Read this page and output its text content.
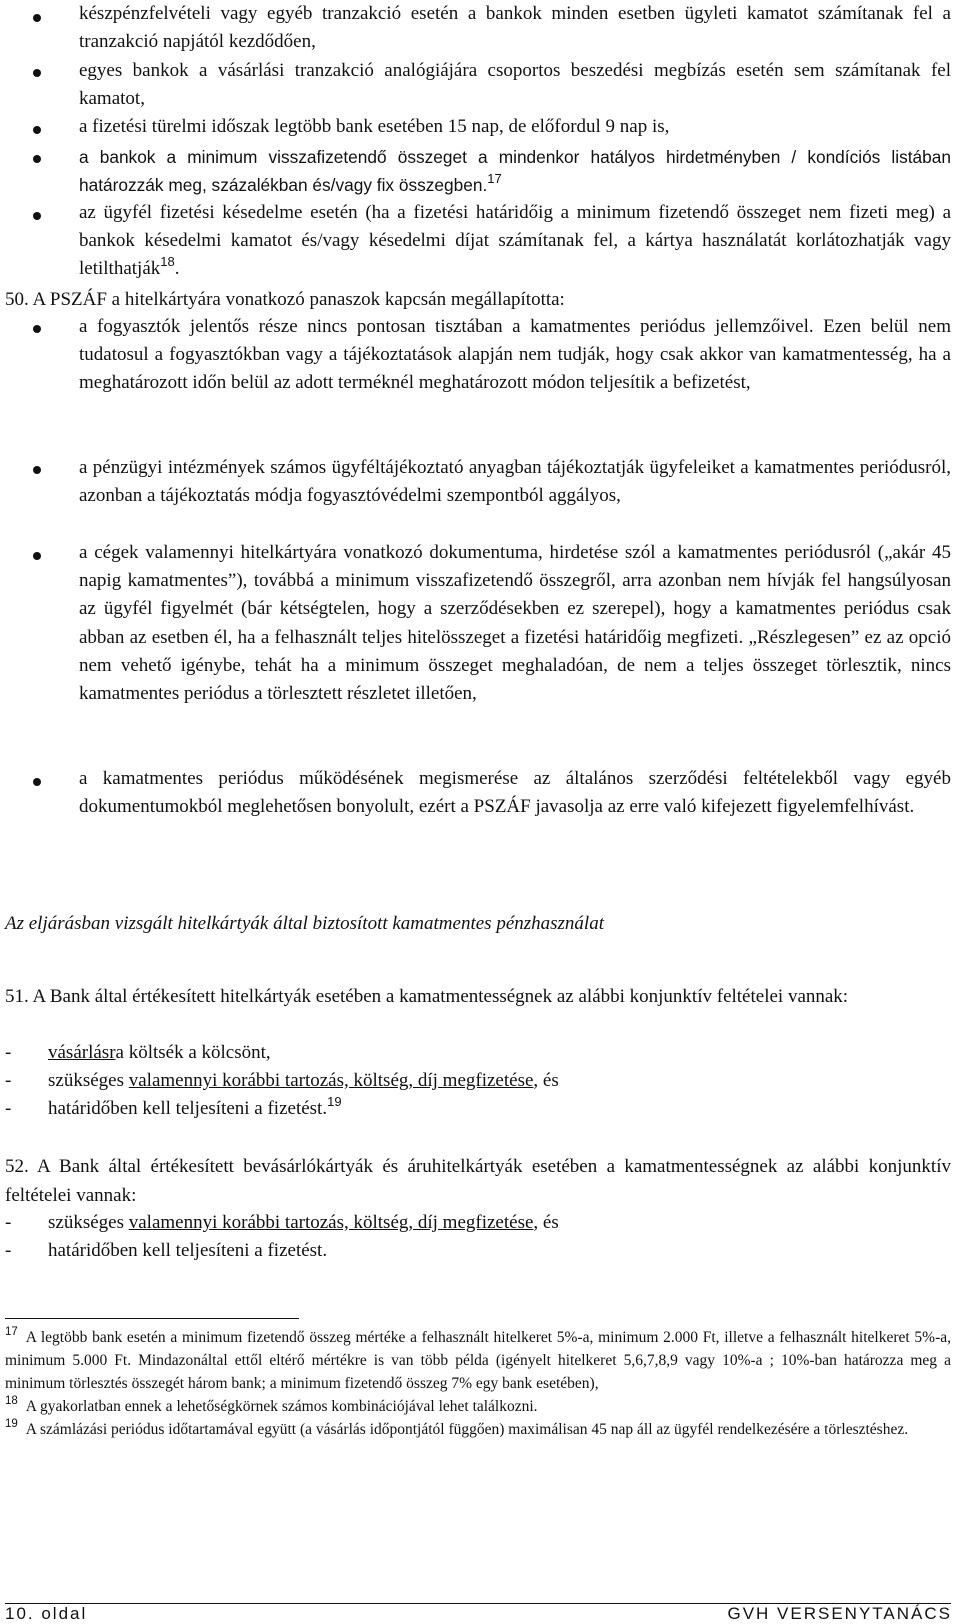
készpénzfelvételi vagy egyéb tranzakció esetén a bankok minden esetben ügyleti kamatot számítanak fel a tranzakció napjától kezdődően,
egyes bankok a vásárlási tranzakció analógiájára csoportos beszedési megbízás esetén sem számítanak fel kamatot,
a fizetési türelmi időszak legtöbb bank esetében 15 nap, de előfordul 9 nap is,
a bankok a minimum visszafizetendő összeget a mindenkor hatályos hirdetményben / kondíciós listában határozzák meg, százalékban és/vagy fix összegben.$^{17}$
az ügyfél fizetési késedelme esetén (ha a fizetési határidőig a minimum fizetendő összeget nem fizeti meg) a bankok késedelmi kamatot és/vagy késedelmi díjat számítanak fel, a kártya használatát korlátozhatják vagy letilthatják$^{18}$.
50. A PSZÁF a hitelkártyára vonatkozó panaszok kapcsán megállapította:
a fogyasztók jelentős része nincs pontosan tisztában a kamatmentes periódus jellemzőivel. Ezen belül nem tudatosul a fogyasztókban vagy a tájékoztatások alapján nem tudják, hogy csak akkor van kamatmentesség, ha a meghatározott időn belül az adott terméknél meghatározott módon teljesítik a befizetést,
a pénzügyi intézmények számos ügyféltájékoztató anyagban tájékoztatják ügyfeleiket a kamatmentes periódusról, azonban a tájékoztatás módja fogyasztóvédelmi szempontból aggályos,
a cégek valamennyi hitelkártyára vonatkozó dokumentuma, hirdetése szól a kamatmentes periódusról („akár 45 napig kamatmentes”), továbbá a minimum visszafizetendő összegről, arra azonban nem hívják fel hangsúlyosan az ügyfél figyelmét (bár kétségtelen, hogy a szerződésekben ez szerepel), hogy a kamatmentes periódus csak abban az esetben él, ha a felhasznált teljes hitelösszeget a fizetési határidőig megfizeti. „Részlegesen” ez az opció nem vehető igénybe, tehát ha a minimum összeget meghaladóan, de nem a teljes összeget törlesztik, nincs kamatmentes periódus a törlesztett részletet illetően,
a kamatmentes periódus működésének megismerése az általános szerződési feltételekből vagy egyéb dokumentumokból meglehetősen bonyolult, ezért a PSZÁF javasolja az erre való kifejezett figyelemfelhívást.
Az eljárásban vizsgált hitelkártyák által biztosított kamatmentes pénzhasználat
51. A Bank által értékesített hitelkártyák esetében a kamatmentességnek az alábbi konjunktív feltételei vannak:
- vásárlásra költsék a kölcsönt,
- szükséges valamennyi korábbi tartozás, költség, díj megfizetése, és
- határidőben kell teljesíteni a fizetést.$^{19}$
52. A Bank által értékesített bevásárlókártyák és áruhitelkártyák esetében a kamatmentességnek az alábbi konjunktív feltételei vannak:
- szükséges valamennyi korábbi tartozás, költség, díj megfizetése, és
- határidőben kell teljesíteni a fizetést.

$^{17}$ A legtöbb bank esetén a minimum fizetendő összeg mértéke a felhasznált hitelkeret 5%-a, minimum 2.000 Ft, illetve a felhasznált hitelkeret 5%-a, minimum 5.000 Ft. Mindazonáltal ettől eltérő mértékre is van több példa (igényelt hitelkeret 5,6,7,8,9 vagy 10%-a ; 10%-ban határozza meg a minimum törlesztés összegét három bank; a minimum fizetendő összeg 7% egy bank esetében),

$^{18}$ A gyakorlatban ennek a lehetőségkörnek számos kombinációjával lehet találkozni.

$^{19}$ A számlázási periódus időtartamával együtt (a vásárlás időpontjától függően) maximálisan 45 nap áll az ügyfél rendelkezésére a törlesztéshez.

10. oldal	GVH VERSENYTANÁCS
